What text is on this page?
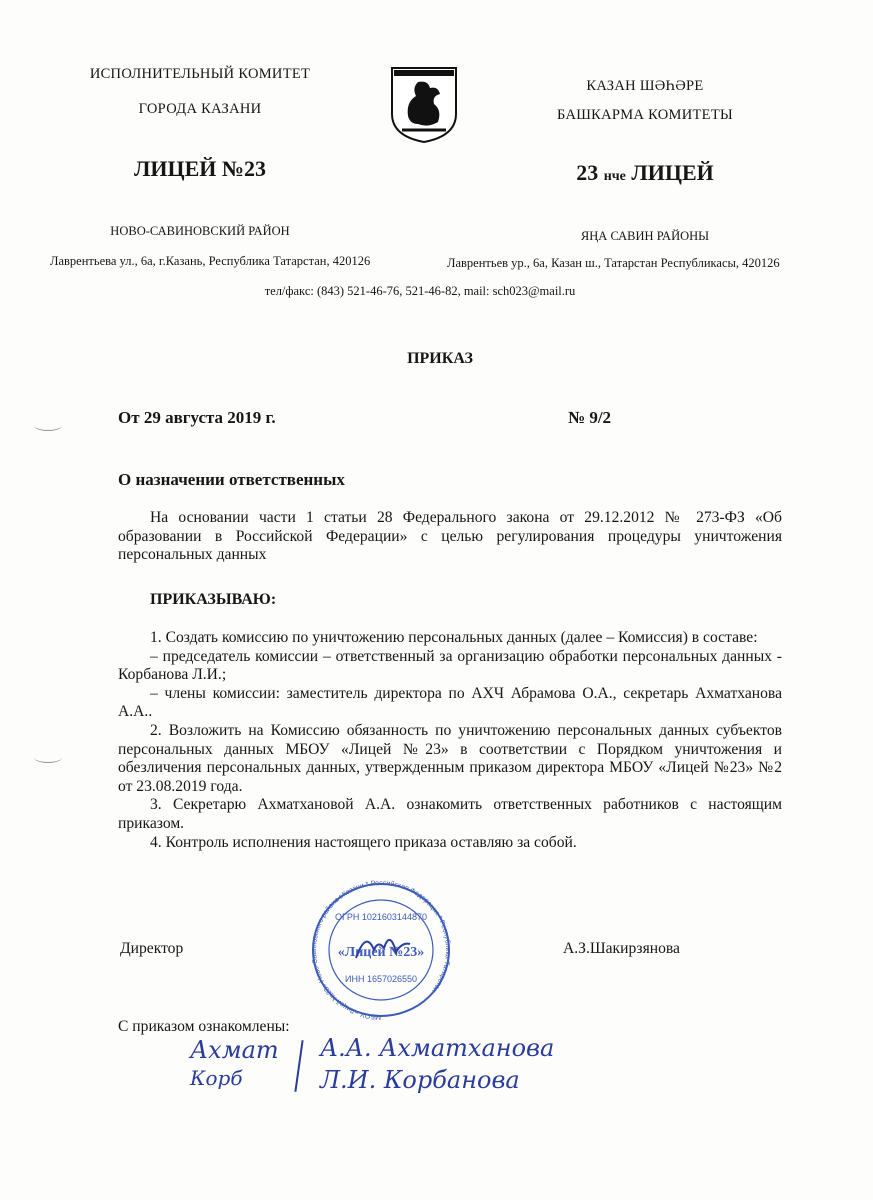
ИСПОЛНИТЕЛЬНЫЙ КОМИТЕТ
ГОРОДА КАЗАНИ
ЛИЦЕЙ №23
НОВО-САВИНОВСКИЙ РАЙОН
Лаврентьева ул., 6а, г.Казань, Республика Татарстан, 420126
КАЗАН ШӘҺӘРЕ
БАШКАРМА КОМИТЕТЫ
23 нче ЛИЦЕЙ
ЯҢА САВИН РАЙОНЫ
Лаврентьев ур., 6а, Казан ш., Татарстан Республикасы, 420126
тел/факс: (843) 521-46-76, 521-46-82, mail: sch023@mail.ru
ПРИКАЗ
От 29 августа 2019 г.	№ 9/2
О назначении ответственных

На основании части 1 статьи 28 Федерального закона от 29.12.2012 № 273-ФЗ «Об образовании в Российской Федерации» с целью регулирования процедуры уничтожения персональных данных

ПРИКАЗЫВАЮ:

1. Создать комиссию по уничтожению персональных данных (далее – Комиссия) в составе:

– председатель комиссии – ответственный за организацию обработки персональных данных - Корбанова Л.И.;

– члены комиссии: заместитель директора по АХЧ Абрамова О.А., секретарь Ахматханова А.А..

2. Возложить на Комиссию обязанность по уничтожению персональных данных субъектов персональных данных МБОУ «Лицей №23» в соответствии с Порядком уничтожения и обезличения персональных данных, утвержденным приказом директора МБОУ «Лицей №23» №2 от 23.08.2019 года.

3. Секретарю Ахматхановой А.А. ознакомить ответственных работников с настоящим приказом.

4. Контроль исполнения настоящего приказа оставляю за собой.

Директор	А.З.Шакирзянова
МБОУ «Лицей №23» Ново-Савиновского района г.Казани * Российская Федерация * Республика Татарстан
ОГРН 1021603144870
«Лицей №23»
ИНН 1657026550
С приказом ознакомлены:
Ахмат
Корб
А.А. Ахматханова
Л.И. Корбанова
